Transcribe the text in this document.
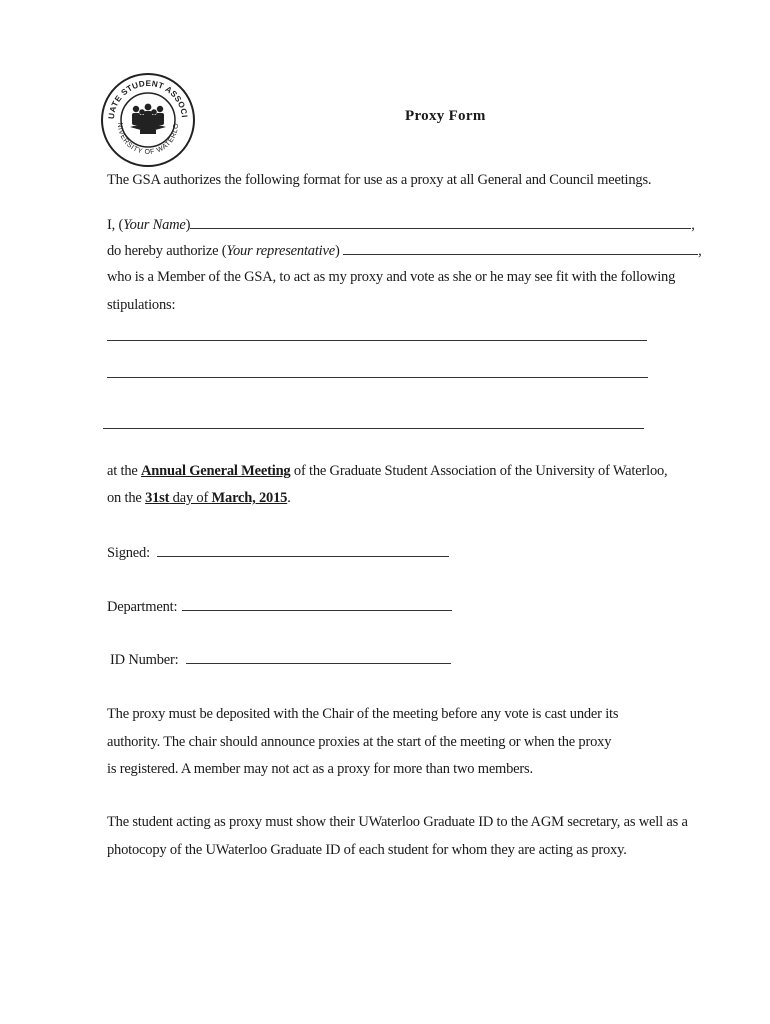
UATE STUDENT ASSOCI
NIVERSITY OF WATERLO
Proxy Form
The GSA authorizes the following format for use as a proxy at all General and Council meetings.
I, (Your Name)	,
do hereby authorize (Your representative)	,
who is a Member of the GSA, to act as my proxy and vote as she or he may see fit with the following
stipulations:
at the Annual General Meeting of the Graduate Student Association of the University of Waterloo,
on the 31st day of March, 2015.
Signed:
Department:
ID Number:
The proxy must be deposited with the Chair of the meeting before any vote is cast under its
authority. The chair should announce proxies at the start of the meeting or when the proxy
is registered. A member may not act as a proxy for more than two members.
The student acting as proxy must show their UWaterloo Graduate ID to the AGM secretary, as well as a
photocopy of the UWaterloo Graduate ID of each student for whom they are acting as proxy.
